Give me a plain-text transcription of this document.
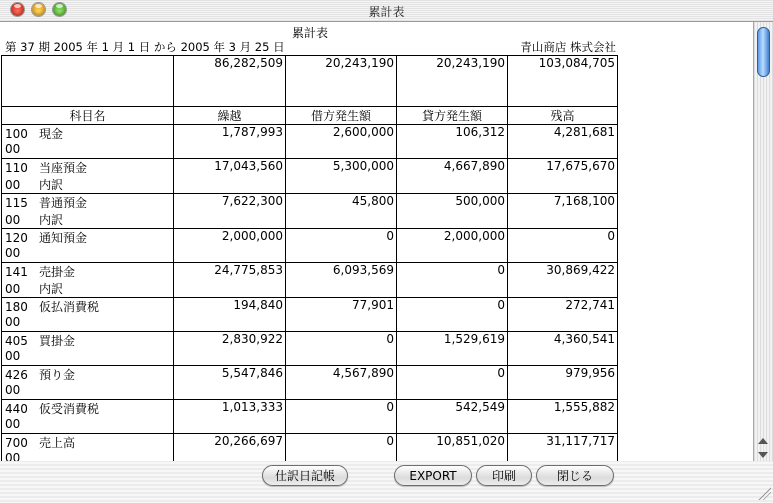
累計表
累計表
第 37 期 2005 年 1 月 1 日 から 2005 年 3 月 25 日	青山商店 株式会社
	86,282,509	20,243,190	20,243,190	103,084,705
科目名	繰越	借方発生額	貸方発生額	残高

100 現金
00	1,787,993	2,600,000	106,312	4,281,681

110 当座預金
00 内訳	17,043,560	5,300,000	4,667,890	17,675,670

115 普通預金
00 内訳	7,622,300	45,800	500,000	7,168,100

120 通知預金
00	2,000,000	0	2,000,000	0

141 売掛金
00 内訳	24,775,853	6,093,569	0	30,869,422

180 仮払消費税
00	194,840	77,901	0	272,741

405 買掛金
00	2,830,922	0	1,529,619	4,360,541

426 預り金
00	5,547,846	4,567,890	0	979,956

440 仮受消費税
00	1,013,333	0	542,549	1,555,882

700 売上高
00	20,266,697	0	10,851,020	31,117,717
仕訳日記帳	EXPORT	印刷	閉じる
